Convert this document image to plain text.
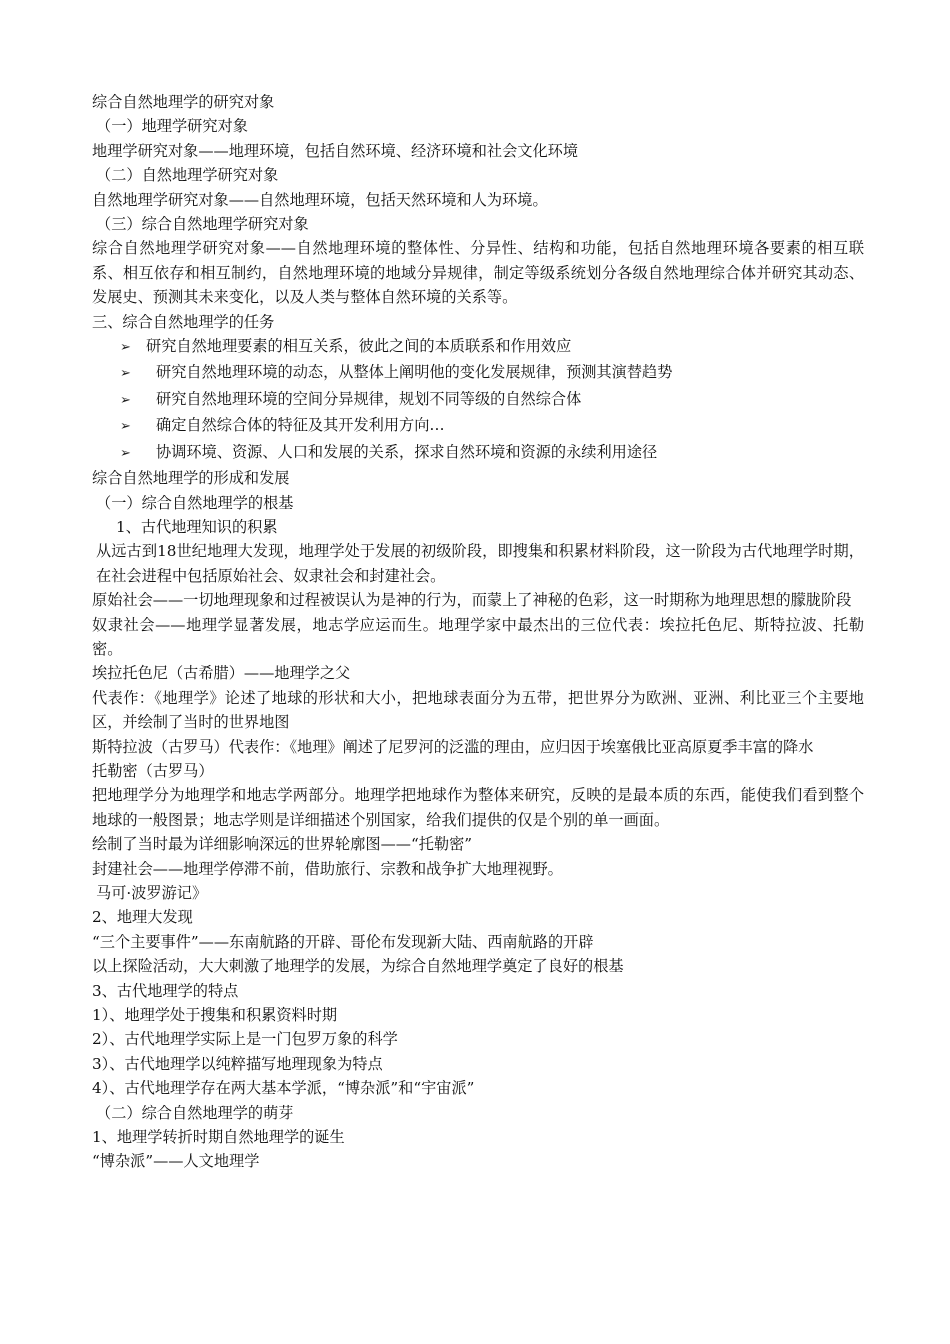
综合自然地理学的研究对象

（一）地理学研究对象

地理学研究对象——地理环境，包括自然环境、经济环境和社会文化环境

（二）自然地理学研究对象

自然地理学研究对象——自然地理环境，包括天然环境和人为环境。

（三）综合自然地理学研究对象

综合自然地理学研究对象——自然地理环境的整体性、分异性、结构和功能，包括自然地理环境各要素的相互联系、相互依存和相互制约，自然地理环境的地域分异规律，制定等级系统划分各级自然地理综合体并研究其动态、发展史、预测其未来变化，以及人类与整体自然环境的关系等。

三、综合自然地理学的任务

➢ 研究自然地理要素的相互关系，彼此之间的本质联系和作用效应
➢	研究自然地理环境的动态，从整体上阐明他的变化发展规律，预测其演替趋势
➢	研究自然地理环境的空间分异规律，规划不同等级的自然综合体
➢	确定自然综合体的特征及其开发利用方向…
➢	协调环境、资源、人口和发展的关系，探求自然环境和资源的永续利用途径

综合自然地理学的形成和发展

（一）综合自然地理学的根基

1、古代地理知识的积累

从远古到18世纪地理大发现，地理学处于发展的初级阶段，即搜集和积累材料阶段，这一阶段为古代地理学时期，在社会进程中包括原始社会、奴隶社会和封建社会。

原始社会——一切地理现象和过程被误认为是神的行为，而蒙上了神秘的色彩，这一时期称为地理思想的朦胧阶段

奴隶社会——地理学显著发展，地志学应运而生。地理学家中最杰出的三位代表：埃拉托色尼、斯特拉波、托勒密。

埃拉托色尼（古希腊）——地理学之父

代表作：《地理学》论述了地球的形状和大小，把地球表面分为五带，把世界分为欧洲、亚洲、利比亚三个主要地区，并绘制了当时的世界地图

斯特拉波（古罗马）代表作：《地理》阐述了尼罗河的泛滥的理由，应归因于埃塞俄比亚高原夏季丰富的降水

托勒密（古罗马）

把地理学分为地理学和地志学两部分。地理学把地球作为整体来研究，反映的是最本质的东西，能使我们看到整个地球的一般图景；地志学则是详细描述个别国家，给我们提供的仅是个别的单一画面。

绘制了当时最为详细影响深远的世界轮廓图——“托勒密”

封建社会——地理学停滞不前，借助旅行、宗教和战争扩大地理视野。

马可·波罗游记》

2、地理大发现

“三个主要事件”——东南航路的开辟、哥伦布发现新大陆、西南航路的开辟

以上探险活动，大大刺激了地理学的发展，为综合自然地理学奠定了良好的根基

3、古代地理学的特点

1）、地理学处于搜集和积累资料时期

2）、古代地理学实际上是一门包罗万象的科学

3）、古代地理学以纯粹描写地理现象为特点

4）、古代地理学存在两大基本学派，“博杂派”和“宇宙派”

（二）综合自然地理学的萌芽

1、地理学转折时期自然地理学的诞生

“博杂派”——人文地理学
